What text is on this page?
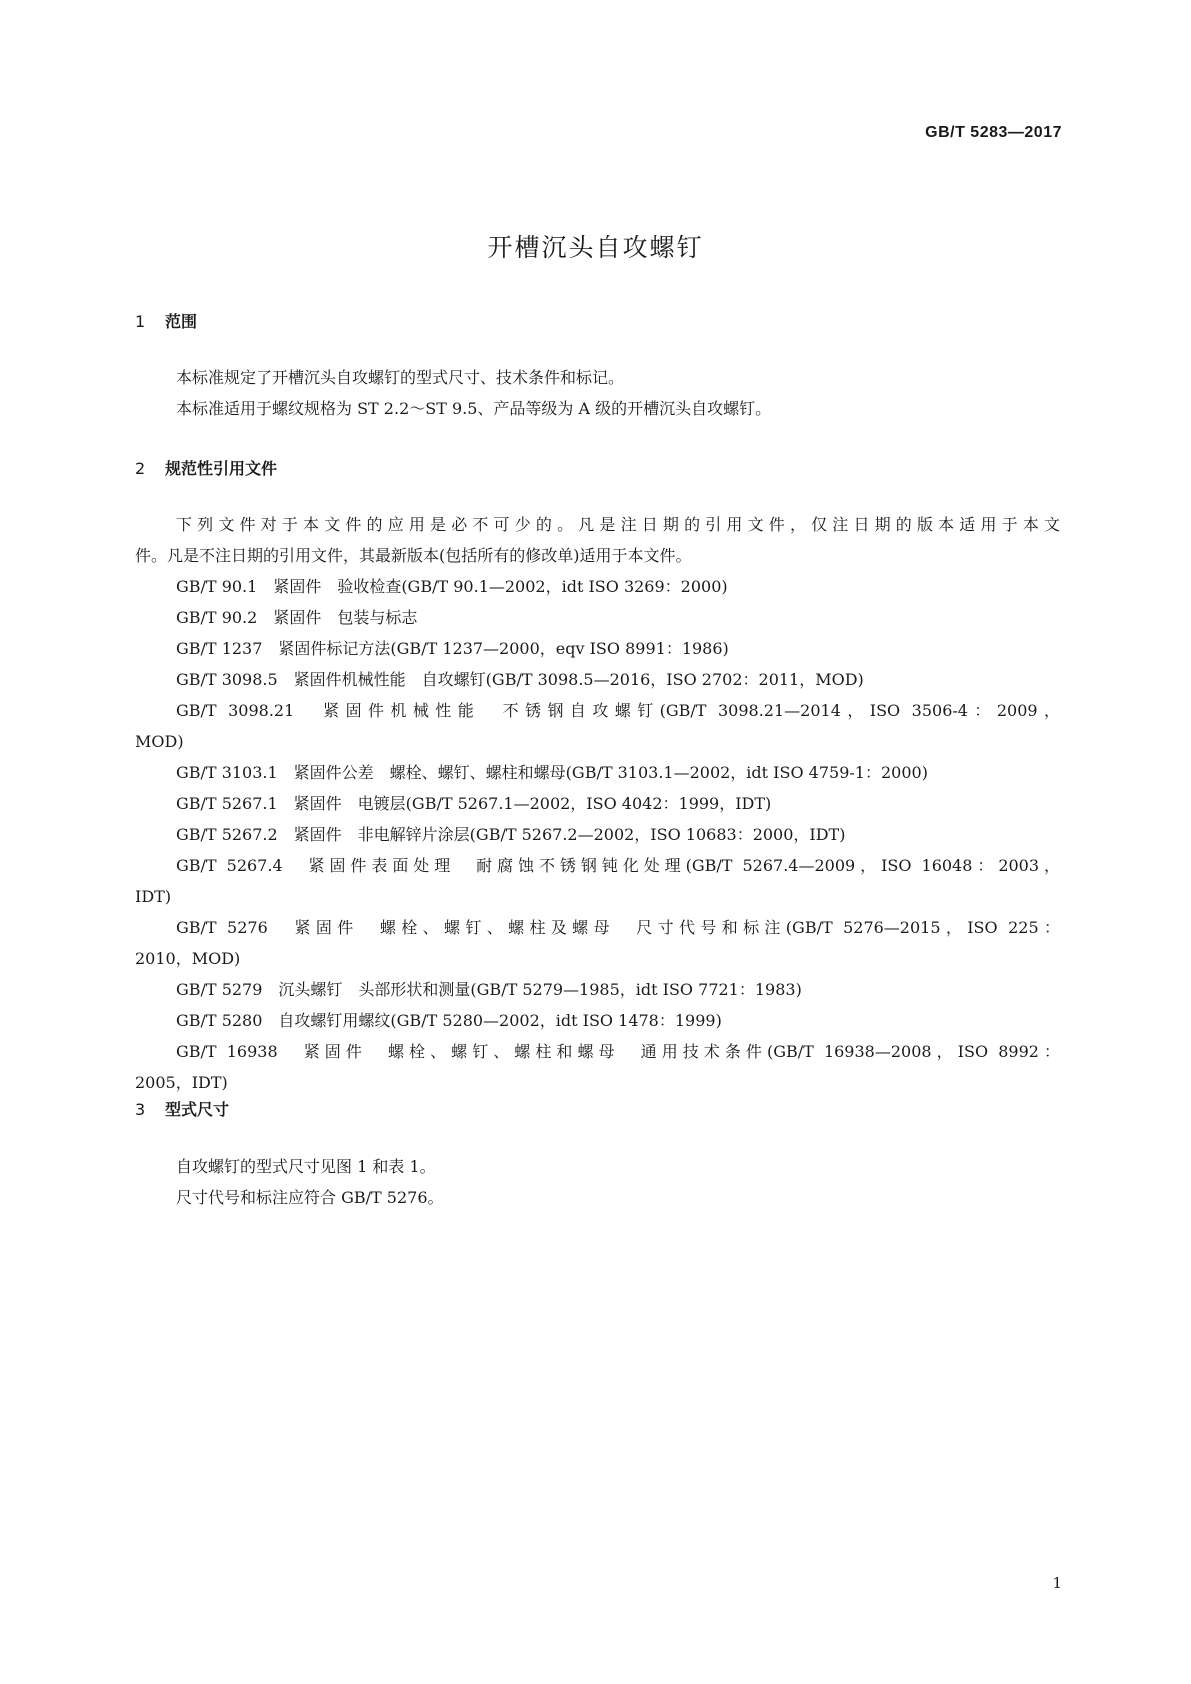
GB/T 5283—2017
开槽沉头自攻螺钉
1 范围
本标准规定了开槽沉头自攻螺钉的型式尺寸、技术条件和标记。
本标准适用于螺纹规格为 ST 2.2～ST 9.5、产品等级为 A 级的开槽沉头自攻螺钉。
2 规范性引用文件
下列文件对于本文件的应用是必不可少的。凡是注日期的引用文件，仅注日期的版本适用于本文
件。凡是不注日期的引用文件，其最新版本(包括所有的修改单)适用于本文件。
GB/T 90.1　紧固件　验收检查(GB/T 90.1—2002，idt ISO 3269：2000)
GB/T 90.2　紧固件　包装与标志
GB/T 1237　紧固件标记方法(GB/T 1237—2000，eqv ISO 8991：1986)
GB/T 3098.5　紧固件机械性能　自攻螺钉(GB/T 3098.5—2016，ISO 2702：2011，MOD)
GB/T 3098.21　紧固件机械性能　不锈钢自攻螺钉(GB/T 3098.21—2014，ISO 3506-4：2009，
MOD)
GB/T 3103.1　紧固件公差　螺栓、螺钉、螺柱和螺母(GB/T 3103.1—2002，idt ISO 4759-1：2000)
GB/T 5267.1　紧固件　电镀层(GB/T 5267.1—2002，ISO 4042：1999，IDT)
GB/T 5267.2　紧固件　非电解锌片涂层(GB/T 5267.2—2002，ISO 10683：2000，IDT)
GB/T 5267.4　紧固件表面处理　耐腐蚀不锈钢钝化处理(GB/T 5267.4—2009，ISO 16048：2003，
IDT)
GB/T 5276　紧固件　螺栓、螺钉、螺柱及螺母　尺寸代号和标注(GB/T 5276—2015，ISO 225：
2010，MOD)
GB/T 5279　沉头螺钉　头部形状和测量(GB/T 5279—1985，idt ISO 7721：1983)
GB/T 5280　自攻螺钉用螺纹(GB/T 5280—2002，idt ISO 1478：1999)
GB/T 16938　紧固件　螺栓、螺钉、螺柱和螺母　通用技术条件(GB/T 16938—2008，ISO 8992：
2005，IDT)
3 型式尺寸
自攻螺钉的型式尺寸见图 1 和表 1。
尺寸代号和标注应符合 GB/T 5276。
1
